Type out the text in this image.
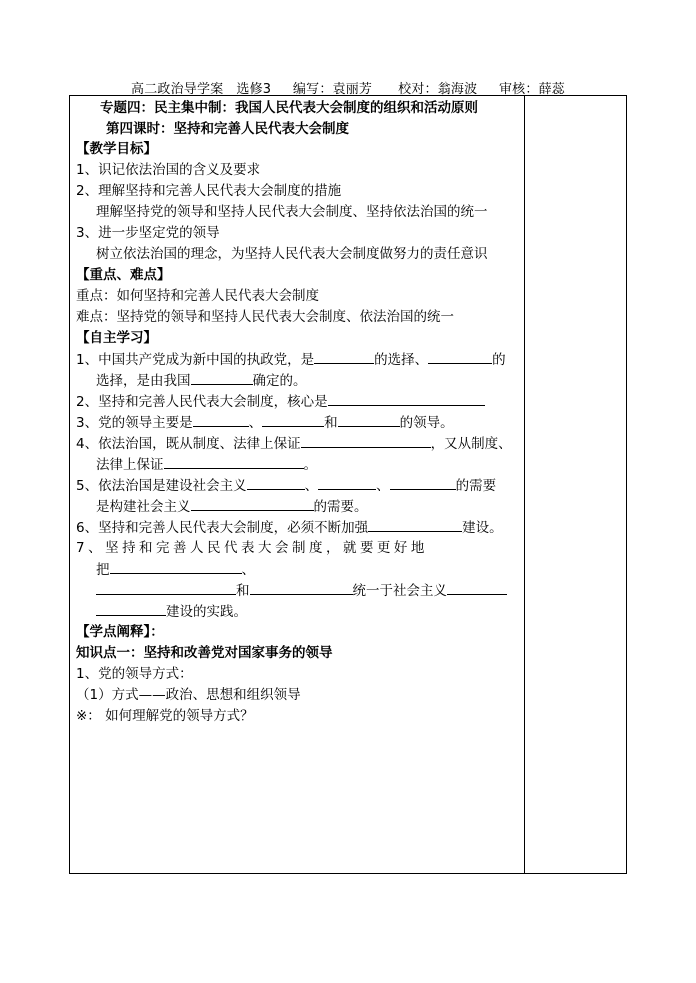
高二政治导学案   选修3     编写：袁丽芳      校对：翁海波     审核：薛蕊
专题四：民主集中制：我国人民代表大会制度的组织和活动原则
第四课时：坚持和完善人民代表大会制度
【教学目标】
1、识记依法治国的含义及要求
2、理解坚持和完善人民代表大会制度的措施
理解坚持党的领导和坚持人民代表大会制度、坚持依法治国的统一
3、进一步坚定党的领导
树立依法治国的理念，为坚持人民代表大会制度做努力的责任意识
【重点、难点】
重点：如何坚持和完善人民代表大会制度
难点：坚持党的领导和坚持人民代表大会制度、依法治国的统一
【自主学习】
1、中国共产党成为新中国的执政党，是	的选择、	的
选择，是由我国	确定的。
2、坚持和完善人民代表大会制度，核心是
3、党的领导主要是	、	和	的领导。
4、依法治国，既从制度、法律上保证	，又从制度、
法律上保证	。
5、依法治国是建设社会主义	、	、	的需要
是构建社会主义	的需要。
6、坚持和完善人民代表大会制度，必须不断加强	建设。
7 、 坚 持 和 完 善 人 民 代 表 大 会 制 度 ， 就 要 更 好 地
把	、
和	统一于社会主义
建设的实践。
【学点阐释】：
知识点一：坚持和改善党对国家事务的领导
1、党的领导方式：
（1）方式——政治、思想和组织领导
※： 如何理解党的领导方式？
